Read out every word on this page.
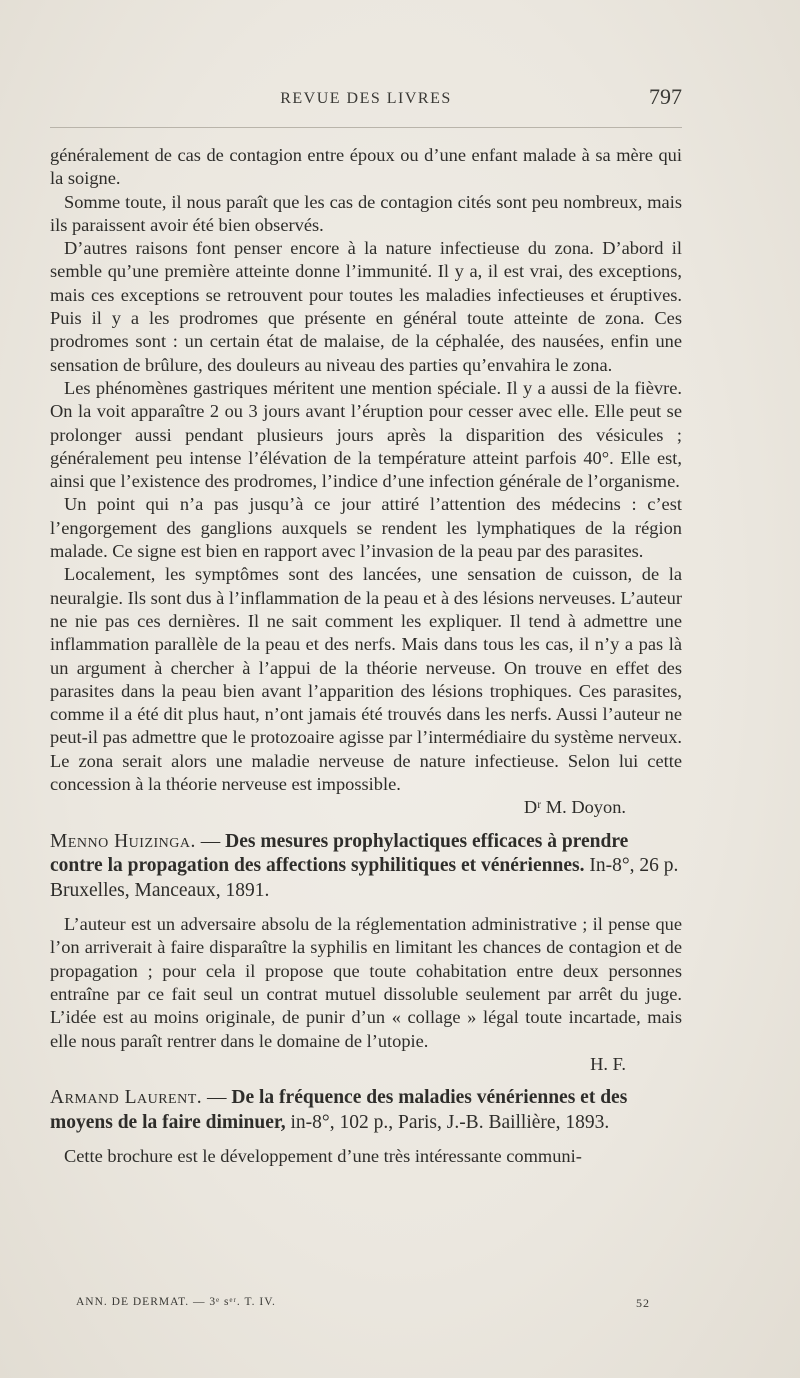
REVUE DES LIVRES	797

généralement de cas de contagion entre époux ou d’une enfant malade à sa mère qui la soigne.

Somme toute, il nous paraît que les cas de contagion cités sont peu nombreux, mais ils paraissent avoir été bien observés.

D’autres raisons font penser encore à la nature infectieuse du zona. D’abord il semble qu’une première atteinte donne l’immunité. Il y a, il est vrai, des exceptions, mais ces exceptions se retrouvent pour toutes les maladies infectieuses et éruptives. Puis il y a les prodromes que présente en général toute atteinte de zona. Ces prodromes sont : un certain état de malaise, de la céphalée, des nausées, enfin une sensation de brûlure, des douleurs au niveau des parties qu’envahira le zona.

Les phénomènes gastriques méritent une mention spéciale. Il y a aussi de la fièvre. On la voit apparaître 2 ou 3 jours avant l’éruption pour cesser avec elle. Elle peut se prolonger aussi pendant plusieurs jours après la disparition des vésicules ; généralement peu intense l’élévation de la température atteint parfois 40°. Elle est, ainsi que l’existence des prodromes, l’indice d’une infection générale de l’organisme.

Un point qui n’a pas jusqu’à ce jour attiré l’attention des médecins : c’est l’engorgement des ganglions auxquels se rendent les lymphatiques de la région malade. Ce signe est bien en rapport avec l’invasion de la peau par des parasites.

Localement, les symptômes sont des lancées, une sensation de cuisson, de la neuralgie. Ils sont dus à l’inflammation de la peau et à des lésions nerveuses. L’auteur ne nie pas ces dernières. Il ne sait comment les expliquer. Il tend à admettre une inflammation parallèle de la peau et des nerfs. Mais dans tous les cas, il n’y a pas là un argument à chercher à l’appui de la théorie nerveuse. On trouve en effet des parasites dans la peau bien avant l’apparition des lésions trophiques. Ces parasites, comme il a été dit plus haut, n’ont jamais été trouvés dans les nerfs. Aussi l’auteur ne peut-il pas admettre que le protozoaire agisse par l’intermédiaire du système nerveux. Le zona serait alors une maladie nerveuse de nature infectieuse. Selon lui cette concession à la théorie nerveuse est impossible.

Dʳ M. Doyon.

Menno Huizinga. — Des mesures prophylactiques efficaces à prendre contre la propagation des affections syphilitiques et vénériennes. In-8°, 26 p. Bruxelles, Manceaux, 1891.

L’auteur est un adversaire absolu de la réglementation administrative ; il pense que l’on arriverait à faire disparaître la syphilis en limitant les chances de contagion et de propagation ; pour cela il propose que toute cohabitation entre deux personnes entraîne par ce fait seul un contrat mutuel dissoluble seulement par arrêt du juge. L’idée est au moins originale, de punir d’un « collage » légal toute incartade, mais elle nous paraît rentrer dans le domaine de l’utopie.

H. F.

Armand Laurent. — De la fréquence des maladies vénériennes et des moyens de la faire diminuer, in-8°, 102 p., Paris, J.-B. Baillière, 1893.

Cette brochure est le développement d’une très intéressante communi-

ANN. DE DERMAT. — 3ᵉ sᵉʳ. T. IV.	52
